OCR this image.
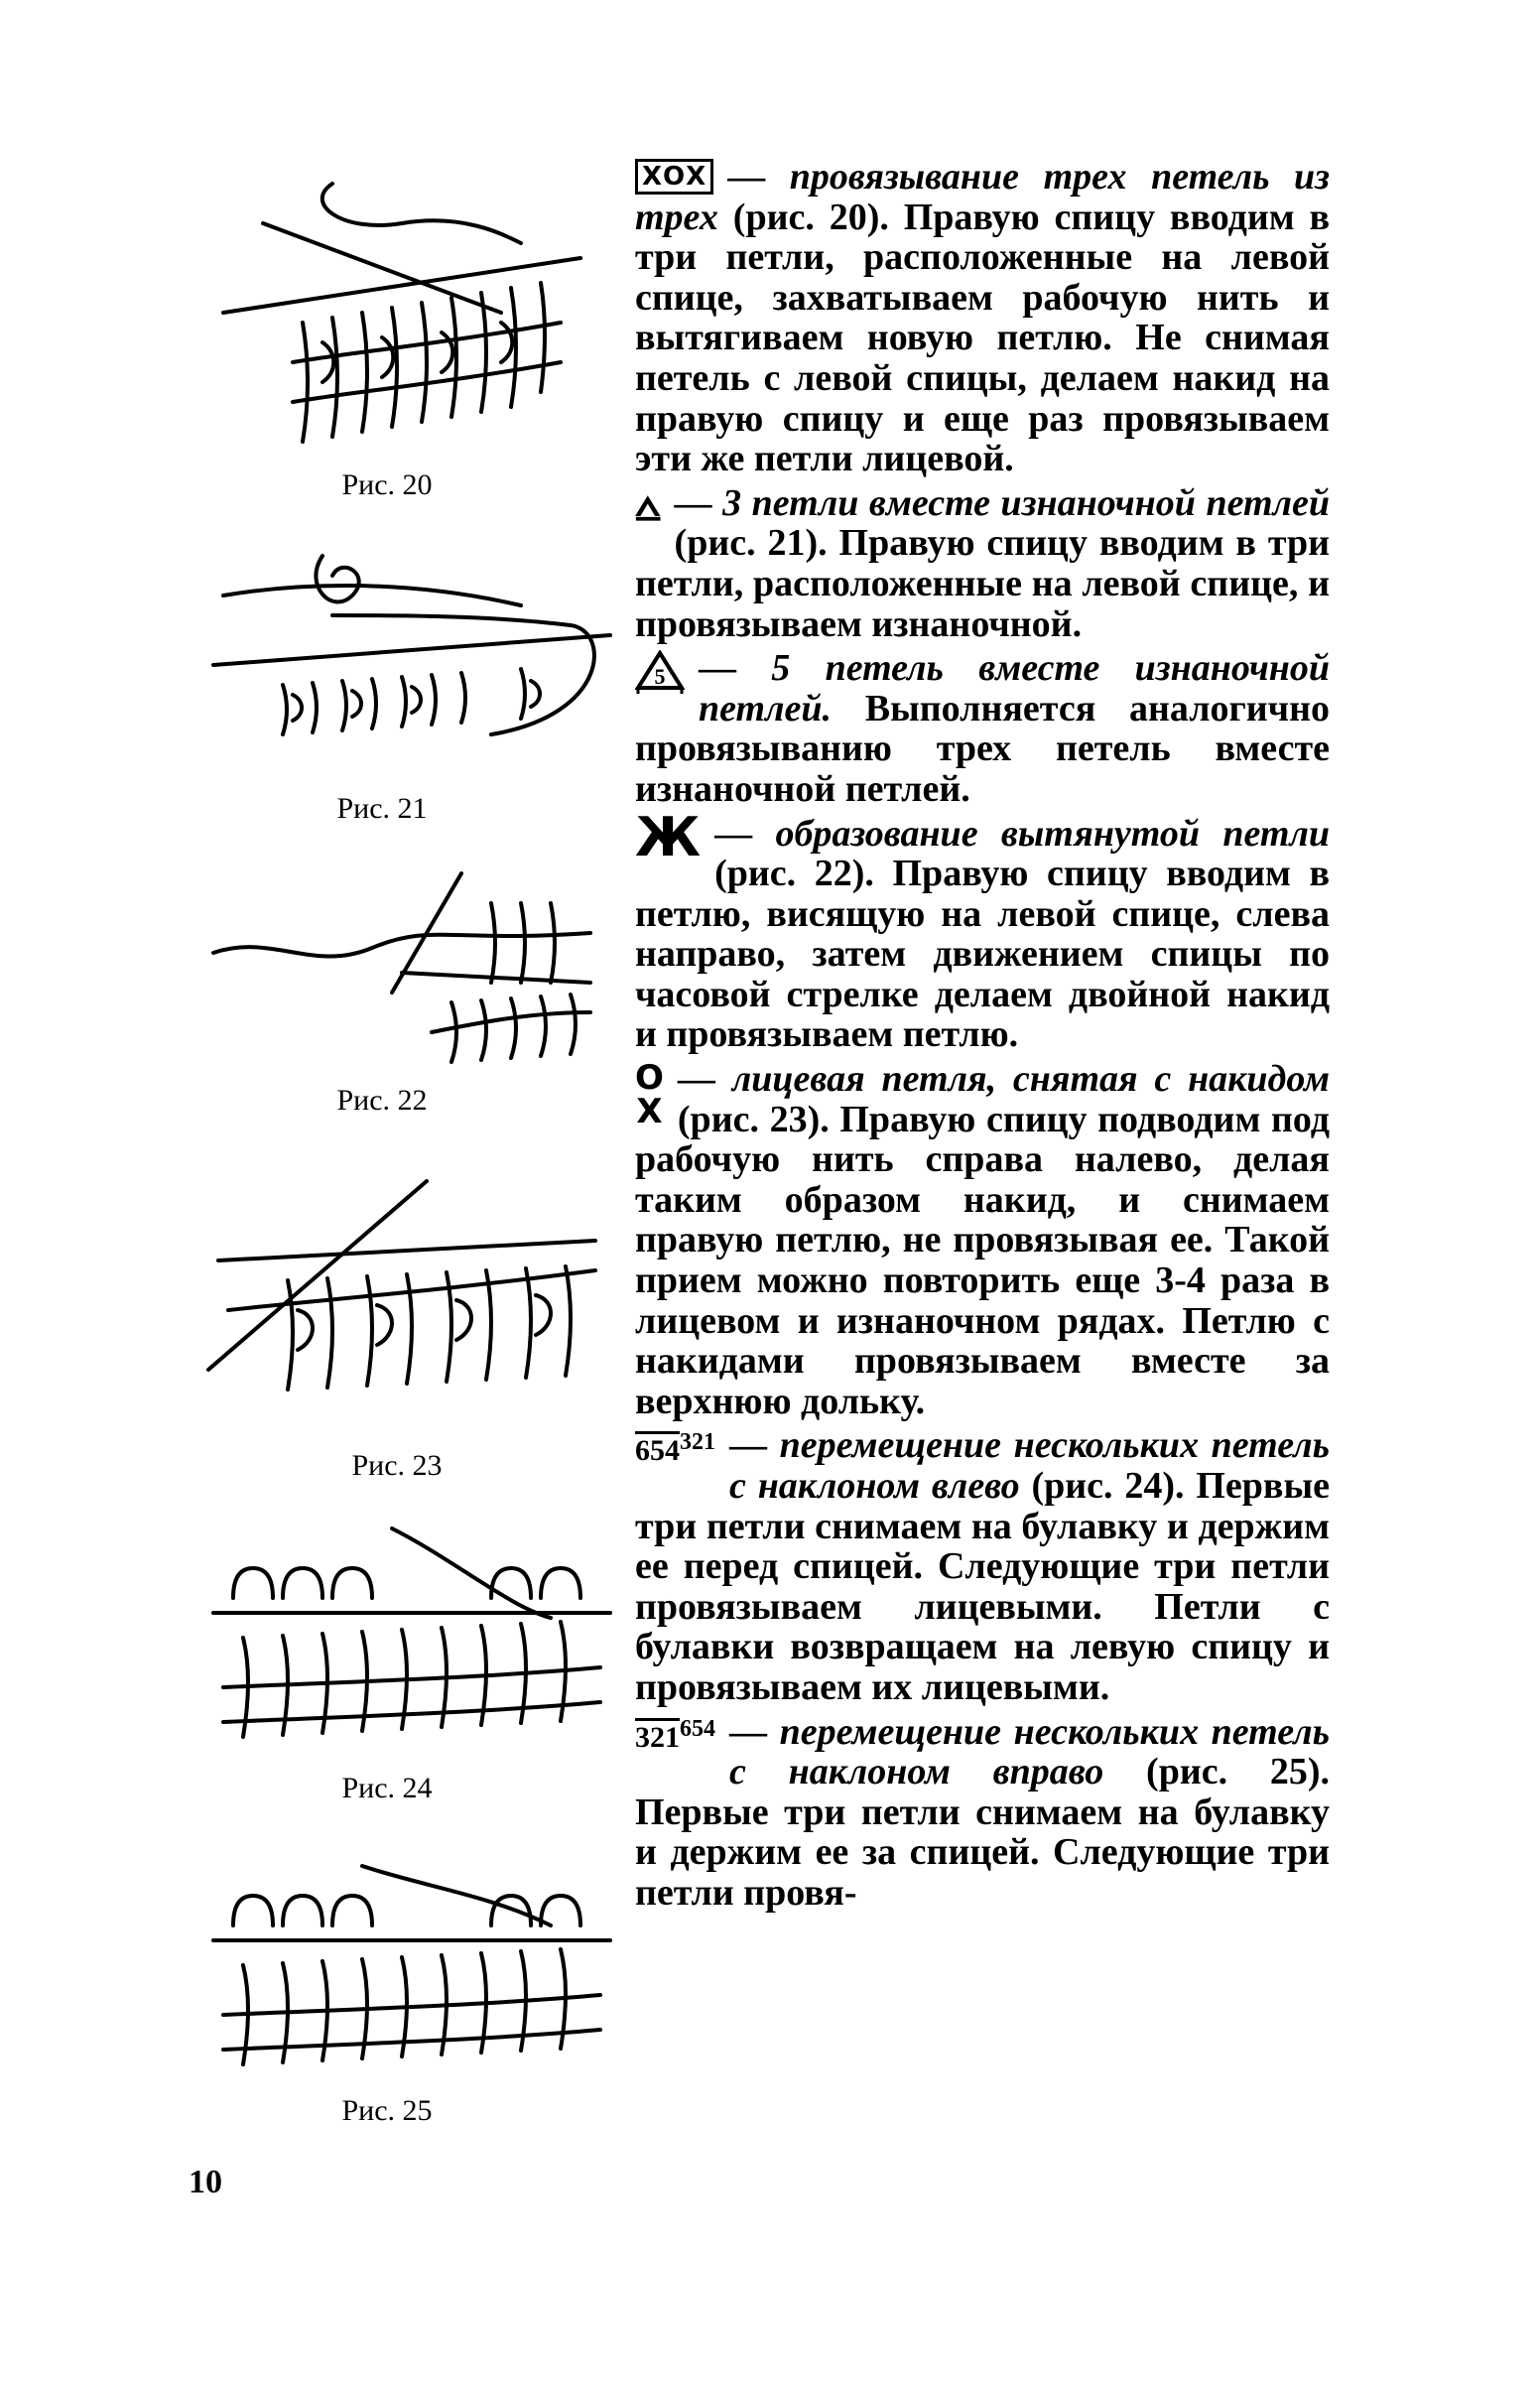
Рис. 20
Рис. 21
Рис. 22
Рис. 23
Рис. 24
Рис. 25

ХОХ — провязывание трех петель из трех (рис. 20). Правую спицу вводим в три петли, расположенные на левой спице, захватываем рабочую нить и вытягиваем новую петлю. Не снимая петель с левой спицы, делаем накид на правую спицу и еще раз провязываем эти же петли лицевой.

⩟ — 3 петли вместе изнаночной петлей (рис. 21). Правую спицу вводим в три петли, расположенные на левой спице, и провязываем изнаночной.

5 — 5 петель вместе изнаночной петлей. Выполняется аналогично провязыванию трех петель вместе изнаночной петлей.

Ж — образование вытянутой петли (рис. 22). Правую спицу вводим в петлю, висящую на левой спице, слева направо, затем движением спицы по часовой стрелке делаем двойной накид и провязываем петлю.

Ο
Χ
— лицевая петля, снятая с накидом (рис. 23). Правую спицу подводим под рабочую нить справа налево, делая таким образом накид, и снимаем правую петлю, не провязывая ее. Такой прием можно повторить еще 3-4 раза в лицевом и изнаночном рядах. Петлю с накидами провязываем вместе за верхнюю дольку.

$654^{321}$ — перемещение нескольких петель с наклоном влево (рис. 24). Первые три петли снимаем на булавку и держим ее перед спицей. Следующие три петли провязываем лицевыми. Петли с булавки возвращаем на левую спицу и провязываем их лицевыми.

$321^{654}$ — перемещение нескольких петель с наклоном вправо (рис. 25). Первые три петли снимаем на булавку и держим ее за спицей. Следующие три петли провя-

10
